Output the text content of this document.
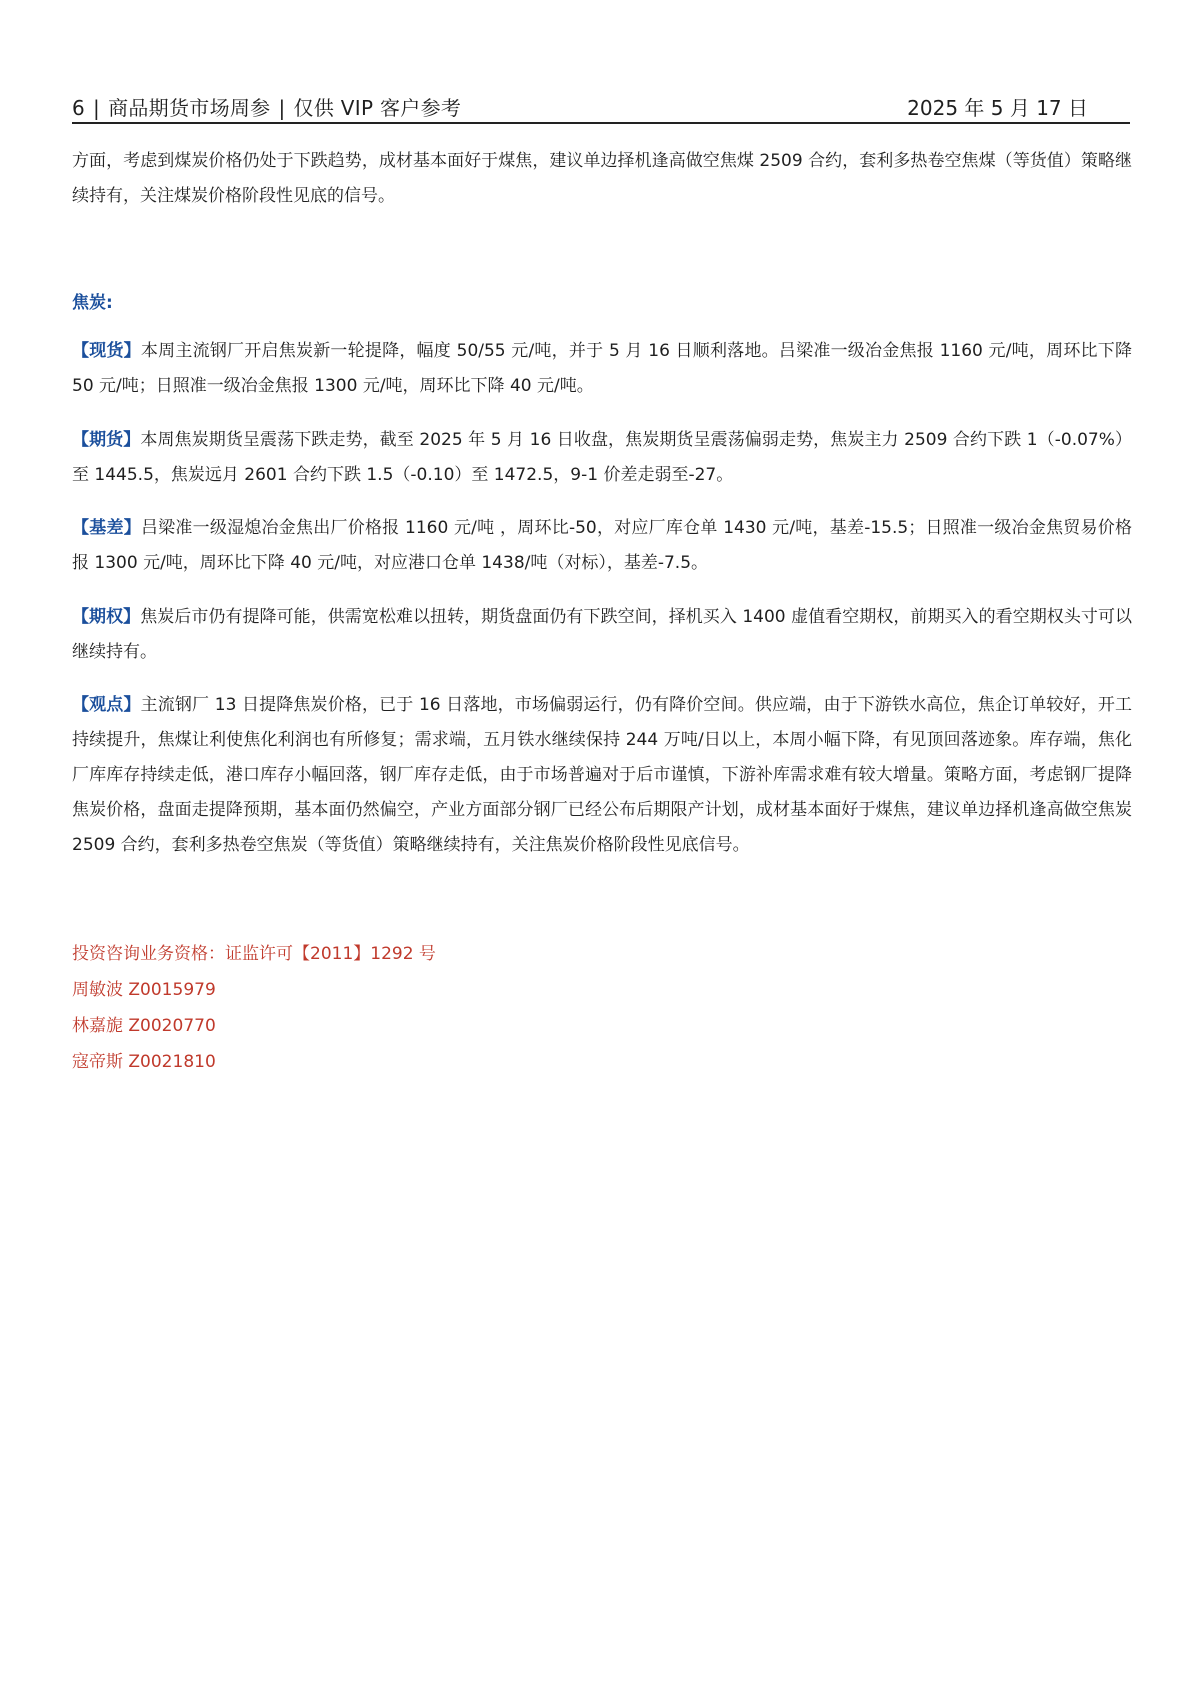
6 | 商品期货市场周参 | 仅供 VIP 客户参考	2025 年 5 月 17 日
方面，考虑到煤炭价格仍处于下跌趋势，成材基本面好于煤焦，建议单边择机逢高做空焦煤 2509 合约，套利多热卷空焦煤（等货值）策略继续持有，关注煤炭价格阶段性见底的信号。
焦炭:
【现货】本周主流钢厂开启焦炭新一轮提降，幅度 50/55 元/吨，并于 5 月 16 日顺利落地。吕梁准一级冶金焦报 1160 元/吨，周环比下降 50 元/吨；日照准一级冶金焦报 1300 元/吨，周环比下降 40 元/吨。
【期货】本周焦炭期货呈震荡下跌走势，截至 2025 年 5 月 16 日收盘，焦炭期货呈震荡偏弱走势，焦炭主力 2509 合约下跌 1（-0.07%）至 1445.5，焦炭远月 2601 合约下跌 1.5（-0.10）至 1472.5，9-1 价差走弱至-27。
【基差】吕梁准一级湿熄冶金焦出厂价格报 1160 元/吨 ，周环比-50，对应厂库仓单 1430 元/吨，基差-15.5；日照准一级冶金焦贸易价格报 1300 元/吨，周环比下降 40 元/吨，对应港口仓单 1438/吨（对标），基差-7.5。
【期权】焦炭后市仍有提降可能，供需宽松难以扭转，期货盘面仍有下跌空间，择机买入 1400 虚值看空期权，前期买入的看空期权头寸可以继续持有。
【观点】主流钢厂 13 日提降焦炭价格，已于 16 日落地，市场偏弱运行，仍有降价空间。供应端，由于下游铁水高位，焦企订单较好，开工持续提升，焦煤让利使焦化利润也有所修复；需求端，五月铁水继续保持 244 万吨/日以上，本周小幅下降，有见顶回落迹象。库存端，焦化厂库库存持续走低，港口库存小幅回落，钢厂库存走低，由于市场普遍对于后市谨慎，下游补库需求难有较大增量。策略方面，考虑钢厂提降焦炭价格，盘面走提降预期，基本面仍然偏空，产业方面部分钢厂已经公布后期限产计划，成材基本面好于煤焦，建议单边择机逢高做空焦炭 2509 合约，套利多热卷空焦炭（等货值）策略继续持有，关注焦炭价格阶段性见底信号。
投资咨询业务资格：证监许可【2011】1292 号
周敏波 Z0015979
林嘉旎 Z0020770
寇帝斯 Z0021810
